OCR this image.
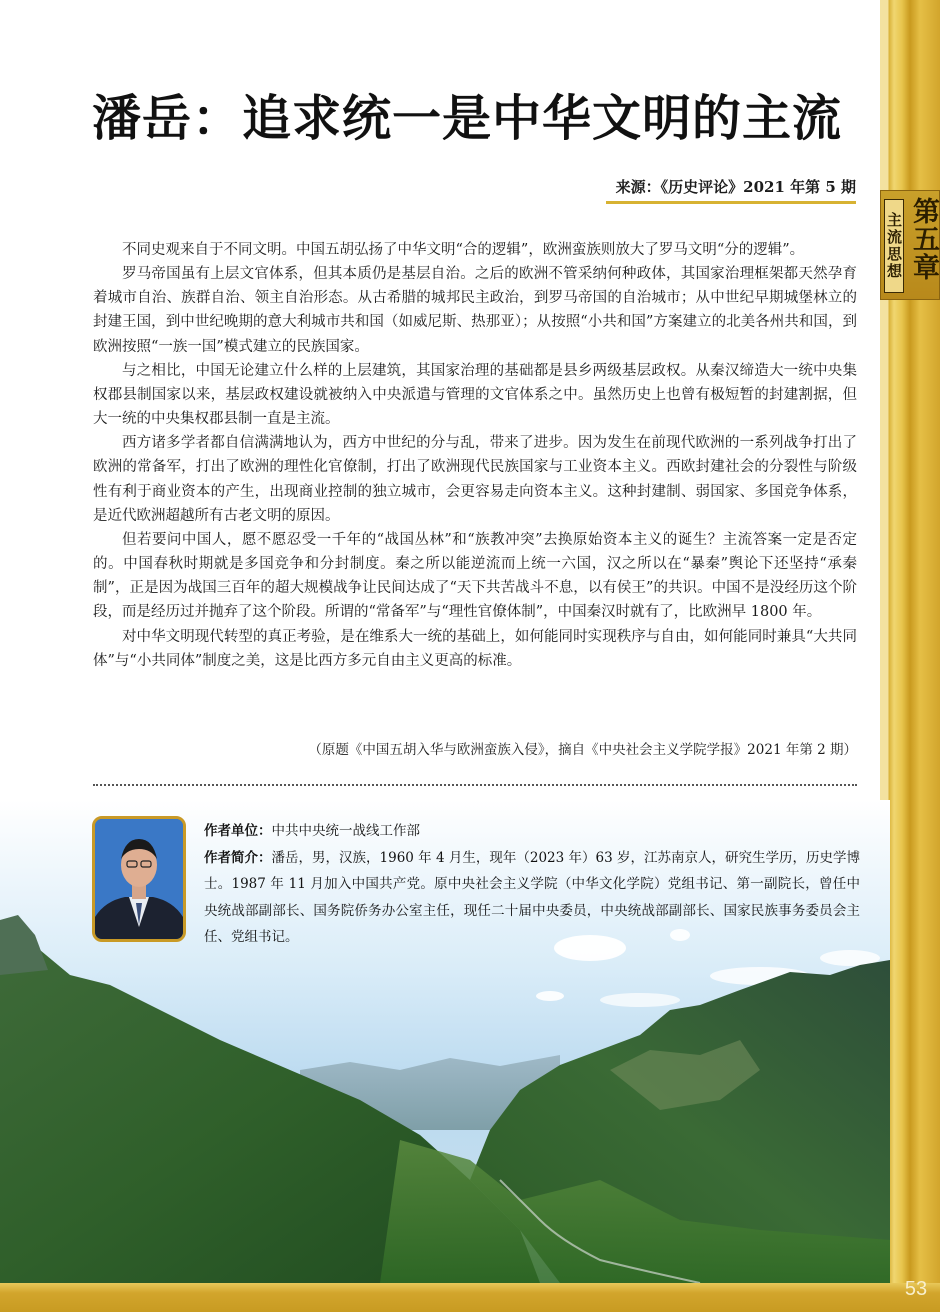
主流思想 第五章
53
潘岳：追求统一是中华文明的主流
来源：《历史评论》2021 年第 5 期

不同史观来自于不同文明。中国五胡弘扬了中华文明“合的逻辑”，欧洲蛮族则放大了罗马文明“分的逻辑”。

罗马帝国虽有上层文官体系，但其本质仍是基层自治。之后的欧洲不管采纳何种政体，其国家治理框架都天然孕育着城市自治、族群自治、领主自治形态。从古希腊的城邦民主政治，到罗马帝国的自治城市；从中世纪早期城堡林立的封建王国，到中世纪晚期的意大利城市共和国（如威尼斯、热那亚）；从按照“小共和国”方案建立的北美各州共和国，到欧洲按照“一族一国”模式建立的民族国家。

与之相比，中国无论建立什么样的上层建筑，其国家治理的基础都是县乡两级基层政权。从秦汉缔造大一统中央集权郡县制国家以来，基层政权建设就被纳入中央派遣与管理的文官体系之中。虽然历史上也曾有极短暂的封建割据，但大一统的中央集权郡县制一直是主流。

西方诸多学者都自信满满地认为，西方中世纪的分与乱，带来了进步。因为发生在前现代欧洲的一系列战争打出了欧洲的常备军，打出了欧洲的理性化官僚制，打出了欧洲现代民族国家与工业资本主义。西欧封建社会的分裂性与阶级性有利于商业资本的产生，出现商业控制的独立城市，会更容易走向资本主义。这种封建制、弱国家、多国竞争体系，是近代欧洲超越所有古老文明的原因。

但若要问中国人，愿不愿忍受一千年的“战国丛林”和“族教冲突”去换原始资本主义的诞生？主流答案一定是否定的。中国春秋时期就是多国竞争和分封制度。秦之所以能逆流而上统一六国，汉之所以在“暴秦”舆论下还坚持“承秦制”，正是因为战国三百年的超大规模战争让民间达成了“天下共苦战斗不息，以有侯王”的共识。中国不是没经历这个阶段，而是经历过并抛弃了这个阶段。所谓的“常备军”与“理性官僚体制”，中国秦汉时就有了，比欧洲早 1800 年。

对中华文明现代转型的真正考验，是在维系大一统的基础上，如何能同时实现秩序与自由，如何能同时兼具“大共同体”与“小共同体”制度之美，这是比西方多元自由主义更高的标准。

（原题《中国五胡入华与欧洲蛮族入侵》，摘自《中央社会主义学院学报》2021 年第 2 期）
作者单位：中共中央统一战线工作部
作者简介：潘岳，男，汉族，1960 年 4 月生，现年（2023 年）63 岁，江苏南京人，研究生学历，历史学博士。1987 年 11 月加入中国共产党。原中央社会主义学院（中华文化学院）党组书记、第一副院长，曾任中央统战部副部长、国务院侨务办公室主任，现任二十届中央委员，中央统战部副部长、国家民族事务委员会主任、党组书记。
